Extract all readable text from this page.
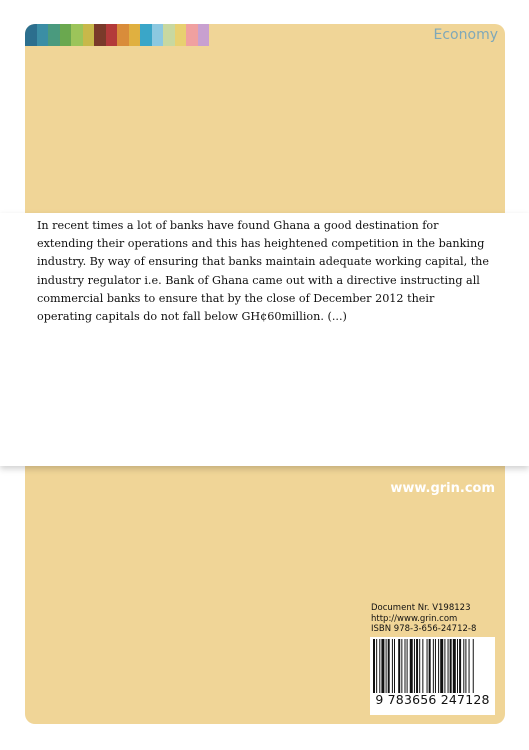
Economy

In recent times a lot of banks have found Ghana a good destination for extending their operations and this has heightened competition in the banking industry. By way of ensuring that banks maintain adequate working capital, the industry regulator i.e. Bank of Ghana came out with a directive instructing all commercial banks to ensure that by the close of December 2012 their operating capitals do not fall below GH¢60million. (...)

www.grin.com
Document Nr. V198123
http://www.grin.com
ISBN 978-3-656-24712-8
9 783656 247128
